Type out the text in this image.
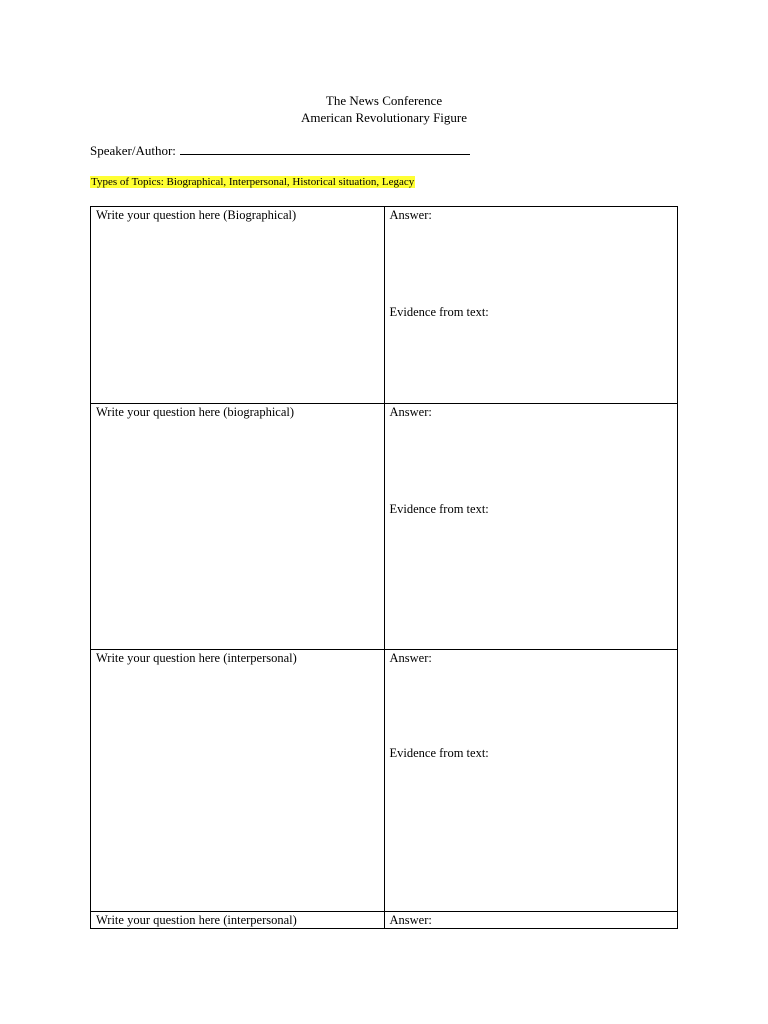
The News Conference
American Revolutionary Figure
Speaker/Author:
Types of Topics: Biographical, Interpersonal, Historical situation, Legacy
Write your question here (Biographical)	Answer:
Evidence from text:

Write your question here (biographical)	Answer:
Evidence from text:

Write your question here (interpersonal)	Answer:
Evidence from text:

Write your question here (interpersonal)	Answer:
